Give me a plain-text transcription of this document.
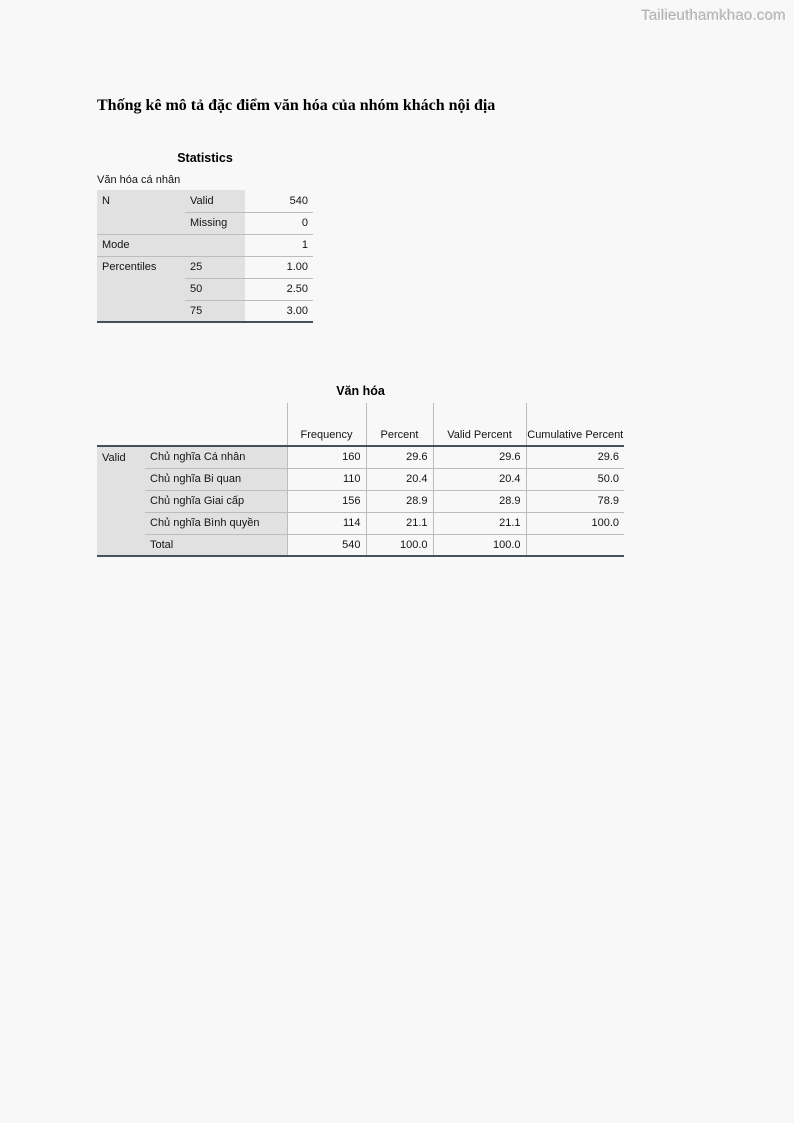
Tailieuthamkhao.com
Thống kê mô tả đặc điểm văn hóa của nhóm khách nội địa
Statistics
Văn hóa cá nhân
N	Valid	540
	Missing	0
Mode		1
Percentiles	25	1.00
	50	2.50
	75	3.00
Văn hóa
		Frequency	Percent	Valid Percent	Cumulative Percent
Valid	Chủ nghĩa Cá nhân	160	29.6	29.6	29.6
	Chủ nghĩa Bi quan	110	20.4	20.4	50.0
	Chủ nghĩa Giai cấp	156	28.9	28.9	78.9
	Chủ nghĩa Bình quyền	114	21.1	21.1	100.0
	Total	540	100.0	100.0	
